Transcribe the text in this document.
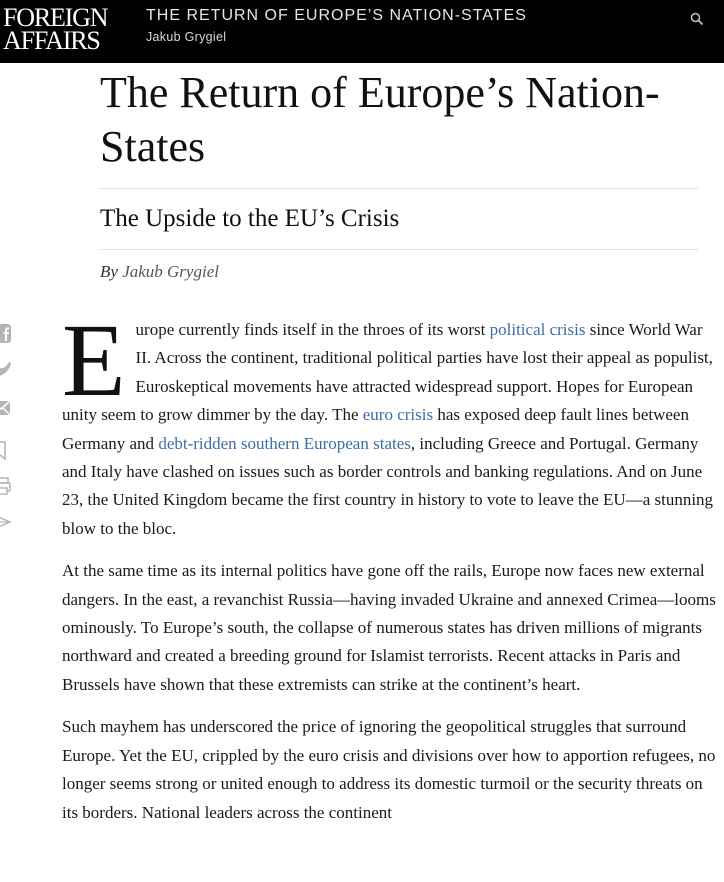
FOREIGN
AFFAIRS
THE RETURN OF EUROPE’S NATION-STATES
Jakub Grygiel
The Return of Europe’s Nation-States
The Upside to the EU’s Crisis
By Jakub Grygiel

Europe currently finds itself in the throes of its worst political crisis since World War II. Across the continent, traditional political parties have lost their appeal as populist, Euroskeptical movements have attracted widespread support. Hopes for European unity seem to grow dimmer by the day. The euro crisis has exposed deep fault lines between Germany and debt-ridden southern European states, including Greece and Portugal. Germany and Italy have clashed on issues such as border controls and banking regulations. And on June 23, the United Kingdom became the first country in history to vote to leave the EU—a stunning blow to the bloc.

At the same time as its internal politics have gone off the rails, Europe now faces new external dangers. In the east, a revanchist Russia—having invaded Ukraine and annexed Crimea—looms ominously. To Europe’s south, the collapse of numerous states has driven millions of migrants northward and created a breeding ground for Islamist terrorists. Recent attacks in Paris and Brussels have shown that these extremists can strike at the continent’s heart.

Such mayhem has underscored the price of ignoring the geopolitical struggles that surround Europe. Yet the EU, crippled by the euro crisis and divisions over how to apportion refugees, no longer seems strong or united enough to address its domestic turmoil or the security threats on its borders. National leaders across the continent
